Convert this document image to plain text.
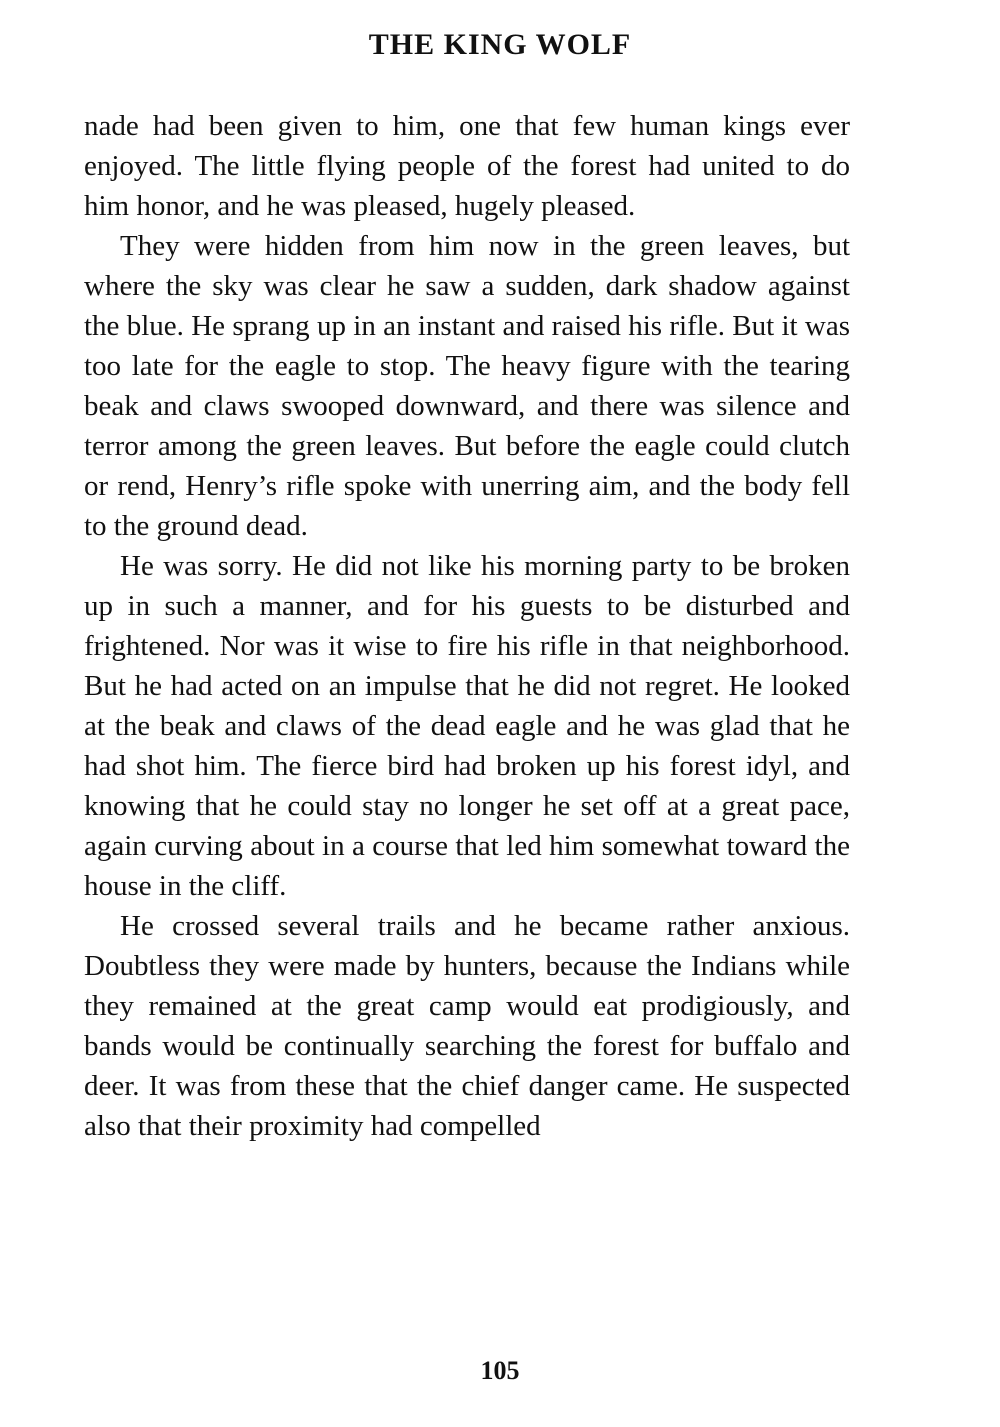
THE KING WOLF

nade had been given to him, one that few human kings ever enjoyed. The little flying people of the forest had united to do him honor, and he was pleased, hugely pleased.

They were hidden from him now in the green leaves, but where the sky was clear he saw a sudden, dark shadow against the blue. He sprang up in an instant and raised his rifle. But it was too late for the eagle to stop. The heavy figure with the tearing beak and claws swooped downward, and there was silence and terror among the green leaves. But before the eagle could clutch or rend, Henry’s rifle spoke with unerring aim, and the body fell to the ground dead.

He was sorry. He did not like his morning party to be broken up in such a manner, and for his guests to be disturbed and frightened. Nor was it wise to fire his rifle in that neighborhood. But he had acted on an impulse that he did not regret. He looked at the beak and claws of the dead eagle and he was glad that he had shot him. The fierce bird had broken up his forest idyl, and knowing that he could stay no longer he set off at a great pace, again curving about in a course that led him somewhat toward the house in the cliff.

He crossed several trails and he became rather anxious. Doubtless they were made by hunters, because the Indians while they remained at the great camp would eat prodigiously, and bands would be continually searching the forest for buffalo and deer. It was from these that the chief danger came. He suspected also that their proximity had compelled

105
